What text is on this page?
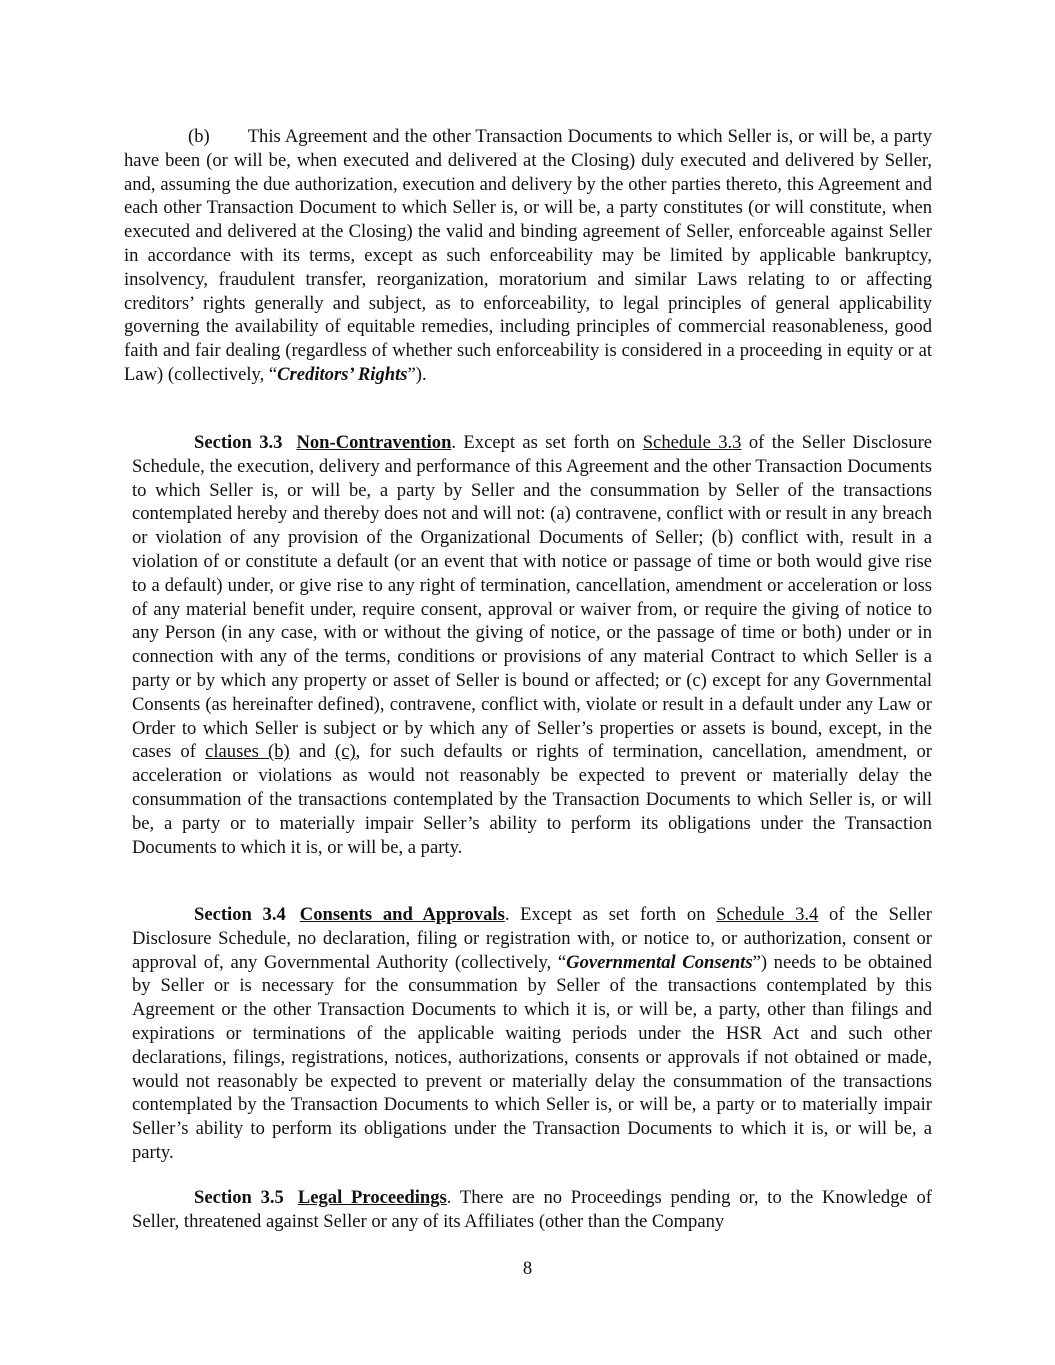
(b) This Agreement and the other Transaction Documents to which Seller is, or will be, a party have been (or will be, when executed and delivered at the Closing) duly executed and delivered by Seller, and, assuming the due authorization, execution and delivery by the other parties thereto, this Agreement and each other Transaction Document to which Seller is, or will be, a party constitutes (or will constitute, when executed and delivered at the Closing) the valid and binding agreement of Seller, enforceable against Seller in accordance with its terms, except as such enforceability may be limited by applicable bankruptcy, insolvency, fraudulent transfer, reorganization, moratorium and similar Laws relating to or affecting creditors’ rights generally and subject, as to enforceability, to legal principles of general applicability governing the availability of equitable remedies, including principles of commercial reasonableness, good faith and fair dealing (regardless of whether such enforceability is considered in a proceeding in equity or at Law) (collectively, “Creditors’ Rights”).

Section 3.3 Non-Contravention. Except as set forth on Schedule 3.3 of the Seller Disclosure Schedule, the execution, delivery and performance of this Agreement and the other Transaction Documents to which Seller is, or will be, a party by Seller and the consummation by Seller of the transactions contemplated hereby and thereby does not and will not: (a) contravene, conflict with or result in any breach or violation of any provision of the Organizational Documents of Seller; (b) conflict with, result in a violation of or constitute a default (or an event that with notice or passage of time or both would give rise to a default) under, or give rise to any right of termination, cancellation, amendment or acceleration or loss of any material benefit under, require consent, approval or waiver from, or require the giving of notice to any Person (in any case, with or without the giving of notice, or the passage of time or both) under or in connection with any of the terms, conditions or provisions of any material Contract to which Seller is a party or by which any property or asset of Seller is bound or affected; or (c) except for any Governmental Consents (as hereinafter defined), contravene, conflict with, violate or result in a default under any Law or Order to which Seller is subject or by which any of Seller’s properties or assets is bound, except, in the cases of clauses (b) and (c), for such defaults or rights of termination, cancellation, amendment, or acceleration or violations as would not reasonably be expected to prevent or materially delay the consummation of the transactions contemplated by the Transaction Documents to which Seller is, or will be, a party or to materially impair Seller’s ability to perform its obligations under the Transaction Documents to which it is, or will be, a party.

Section 3.4 Consents and Approvals. Except as set forth on Schedule 3.4 of the Seller Disclosure Schedule, no declaration, filing or registration with, or notice to, or authorization, consent or approval of, any Governmental Authority (collectively, “Governmental Consents”) needs to be obtained by Seller or is necessary for the consummation by Seller of the transactions contemplated by this Agreement or the other Transaction Documents to which it is, or will be, a party, other than filings and expirations or terminations of the applicable waiting periods under the HSR Act and such other declarations, filings, registrations, notices, authorizations, consents or approvals if not obtained or made, would not reasonably be expected to prevent or materially delay the consummation of the transactions contemplated by the Transaction Documents to which Seller is, or will be, a party or to materially impair Seller’s ability to perform its obligations under the Transaction Documents to which it is, or will be, a party.

Section 3.5 Legal Proceedings. There are no Proceedings pending or, to the Knowledge of Seller, threatened against Seller or any of its Affiliates (other than the Company

8
